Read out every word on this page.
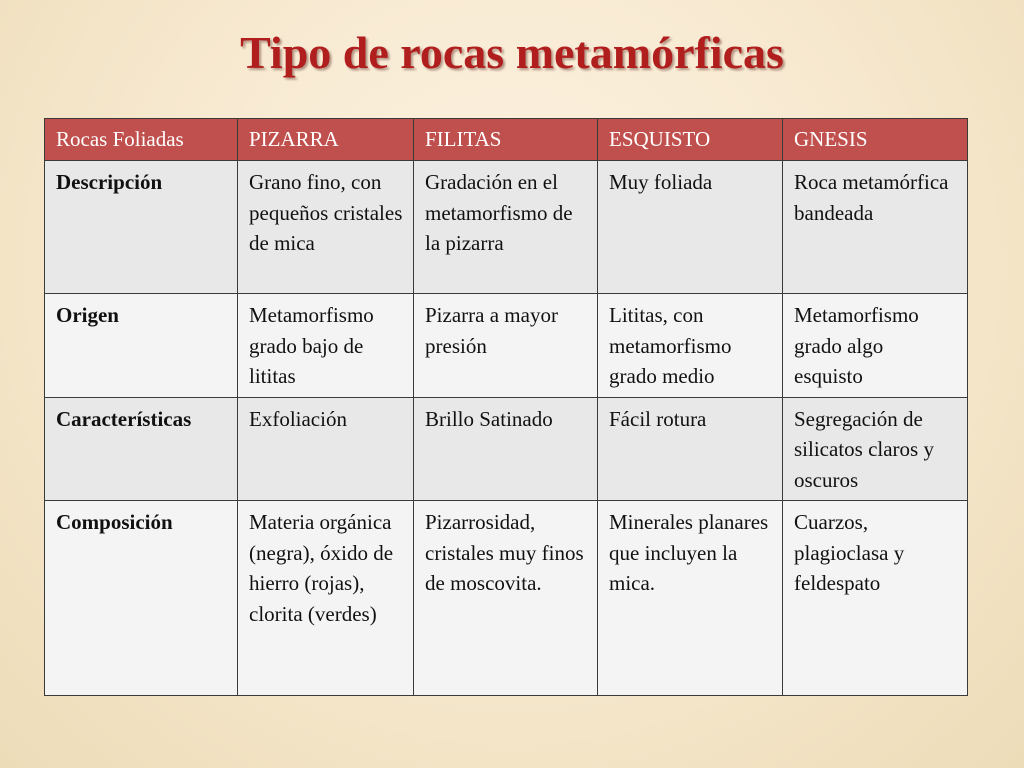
Tipo de rocas metamórficas
Rocas Foliadas	PIZARRA	FILITAS	ESQUISTO	GNESIS
Descripción	Grano fino, con pequeños cristales de mica	Gradación en el metamorfismo de la pizarra	Muy foliada	Roca metamórfica bandeada
Origen	Metamorfismo grado bajo de lititas	Pizarra a mayor presión	Lititas, con metamorfismo grado medio	Metamorfismo grado algo esquisto
Características	Exfoliación	Brillo Satinado	Fácil rotura	Segregación de silicatos claros y oscuros
Composición	Materia orgánica (negra), óxido de hierro (rojas), clorita (verdes)	Pizarrosidad, cristales muy finos de moscovita.	Minerales planares que incluyen la mica.	Cuarzos, plagioclasa y feldespato
